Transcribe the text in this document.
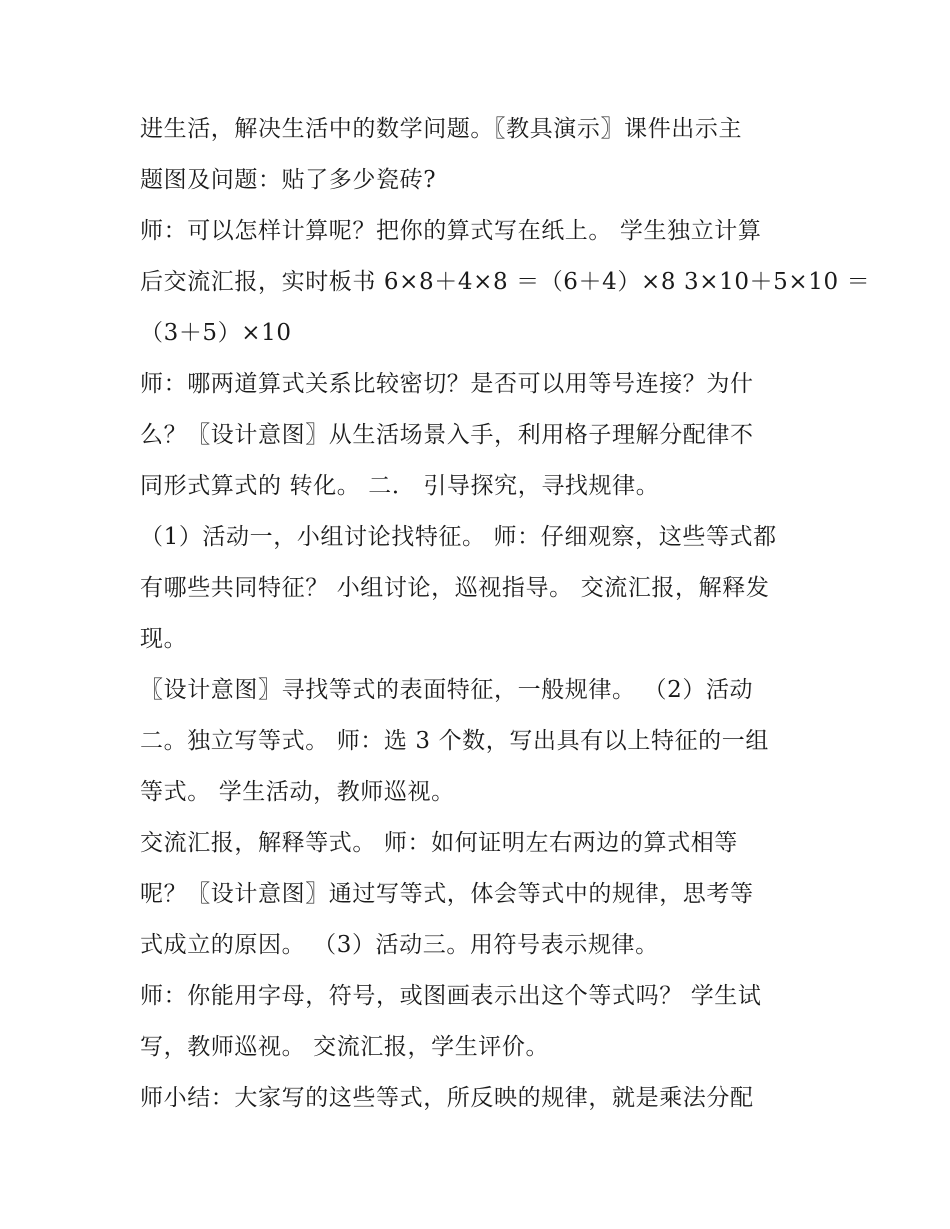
进生活，解决生活中的数学问题。〖教具演示〗课件出示主
题图及问题：贴了多少瓷砖?
师：可以怎样计算呢？把你的算式写在纸上。 学生独立计算
后交流汇报，实时板书 6×8＋4×8 ＝（6＋4）×8 3×10＋5×10 ＝
（3＋5）×10
师：哪两道算式关系比较密切？是否可以用等号连接？为什
么？〖设计意图〗从生活场景入手，利用格子理解分配律不
同形式算式的 转化。 二． 引导探究，寻找规律。
（1）活动一，小组讨论找特征。 师：仔细观察，这些等式都
有哪些共同特征？ 小组讨论，巡视指导。 交流汇报，解释发
现。
〖设计意图〗寻找等式的表面特征，一般规律。 （2）活动
二。独立写等式。 师：选 3 个数，写出具有以上特征的一组
等式。 学生活动，教师巡视。
交流汇报，解释等式。 师：如何证明左右两边的算式相等
呢？〖设计意图〗通过写等式，体会等式中的规律，思考等
式成立的原因。 （3）活动三。用符号表示规律。
师：你能用字母，符号，或图画表示出这个等式吗？ 学生试
写，教师巡视。 交流汇报，学生评价。
师小结：大家写的这些等式，所反映的规律，就是乘法分配
